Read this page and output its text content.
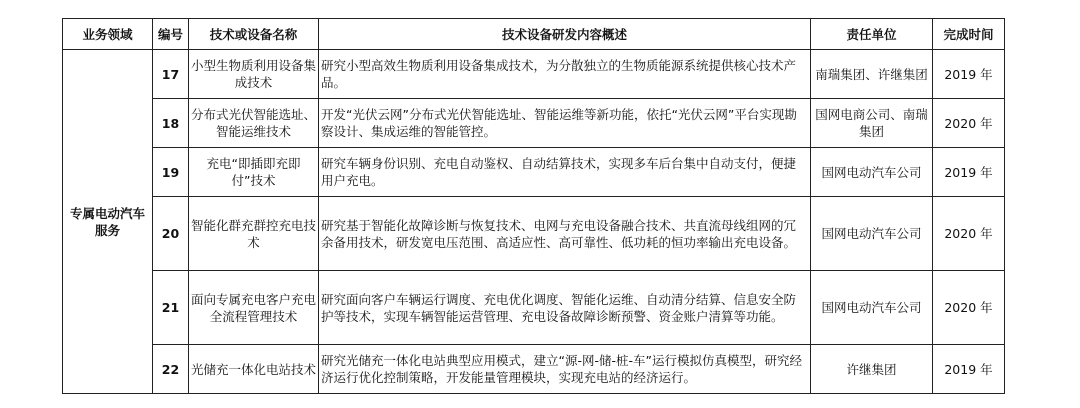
业务领域	编号	技术或设备名称	技术设备研发内容概述	责任单位	完成时间
专属电动汽车服务	17	小型生物质利用设备集成技术	研究小型高效生物质利用设备集成技术，为分散独立的生物质能源系统提供核心技术产品。	南瑞集团、许继集团	2019 年
	18	分布式光伏智能选址、智能运维技术	开发“光伏云网”分布式光伏智能选址、智能运维等新功能，依托“光伏云网”平台实现勘察设计、集成运维的智能管控。	国网电商公司、南瑞集团	2020 年
	19	充电“即插即充即付”技术	研究车辆身份识别、充电自动鉴权、自动结算技术，实现多车后台集中自动支付，便捷用户充电。	国网电动汽车公司	2019 年
	20	智能化群充群控充电技术	研究基于智能化故障诊断与恢复技术、电网与充电设备融合技术、共直流母线组网的冗余备用技术，研发宽电压范围、高适应性、高可靠性、低功耗的恒功率输出充电设备。	国网电动汽车公司	2020 年
	21	面向专属充电客户充电全流程管理技术	研究面向客户车辆运行调度、充电优化调度、智能化运维、自动清分结算、信息安全防护等技术，实现车辆智能运营管理、充电设备故障诊断预警、资金账户清算等功能。	国网电动汽车公司	2020 年
	22	光储充一体化电站技术	研究光储充一体化电站典型应用模式，建立“源-网-储-桩-车”运行模拟仿真模型，研究经济运行优化控制策略，开发能量管理模块，实现充电站的经济运行。	许继集团	2019 年
